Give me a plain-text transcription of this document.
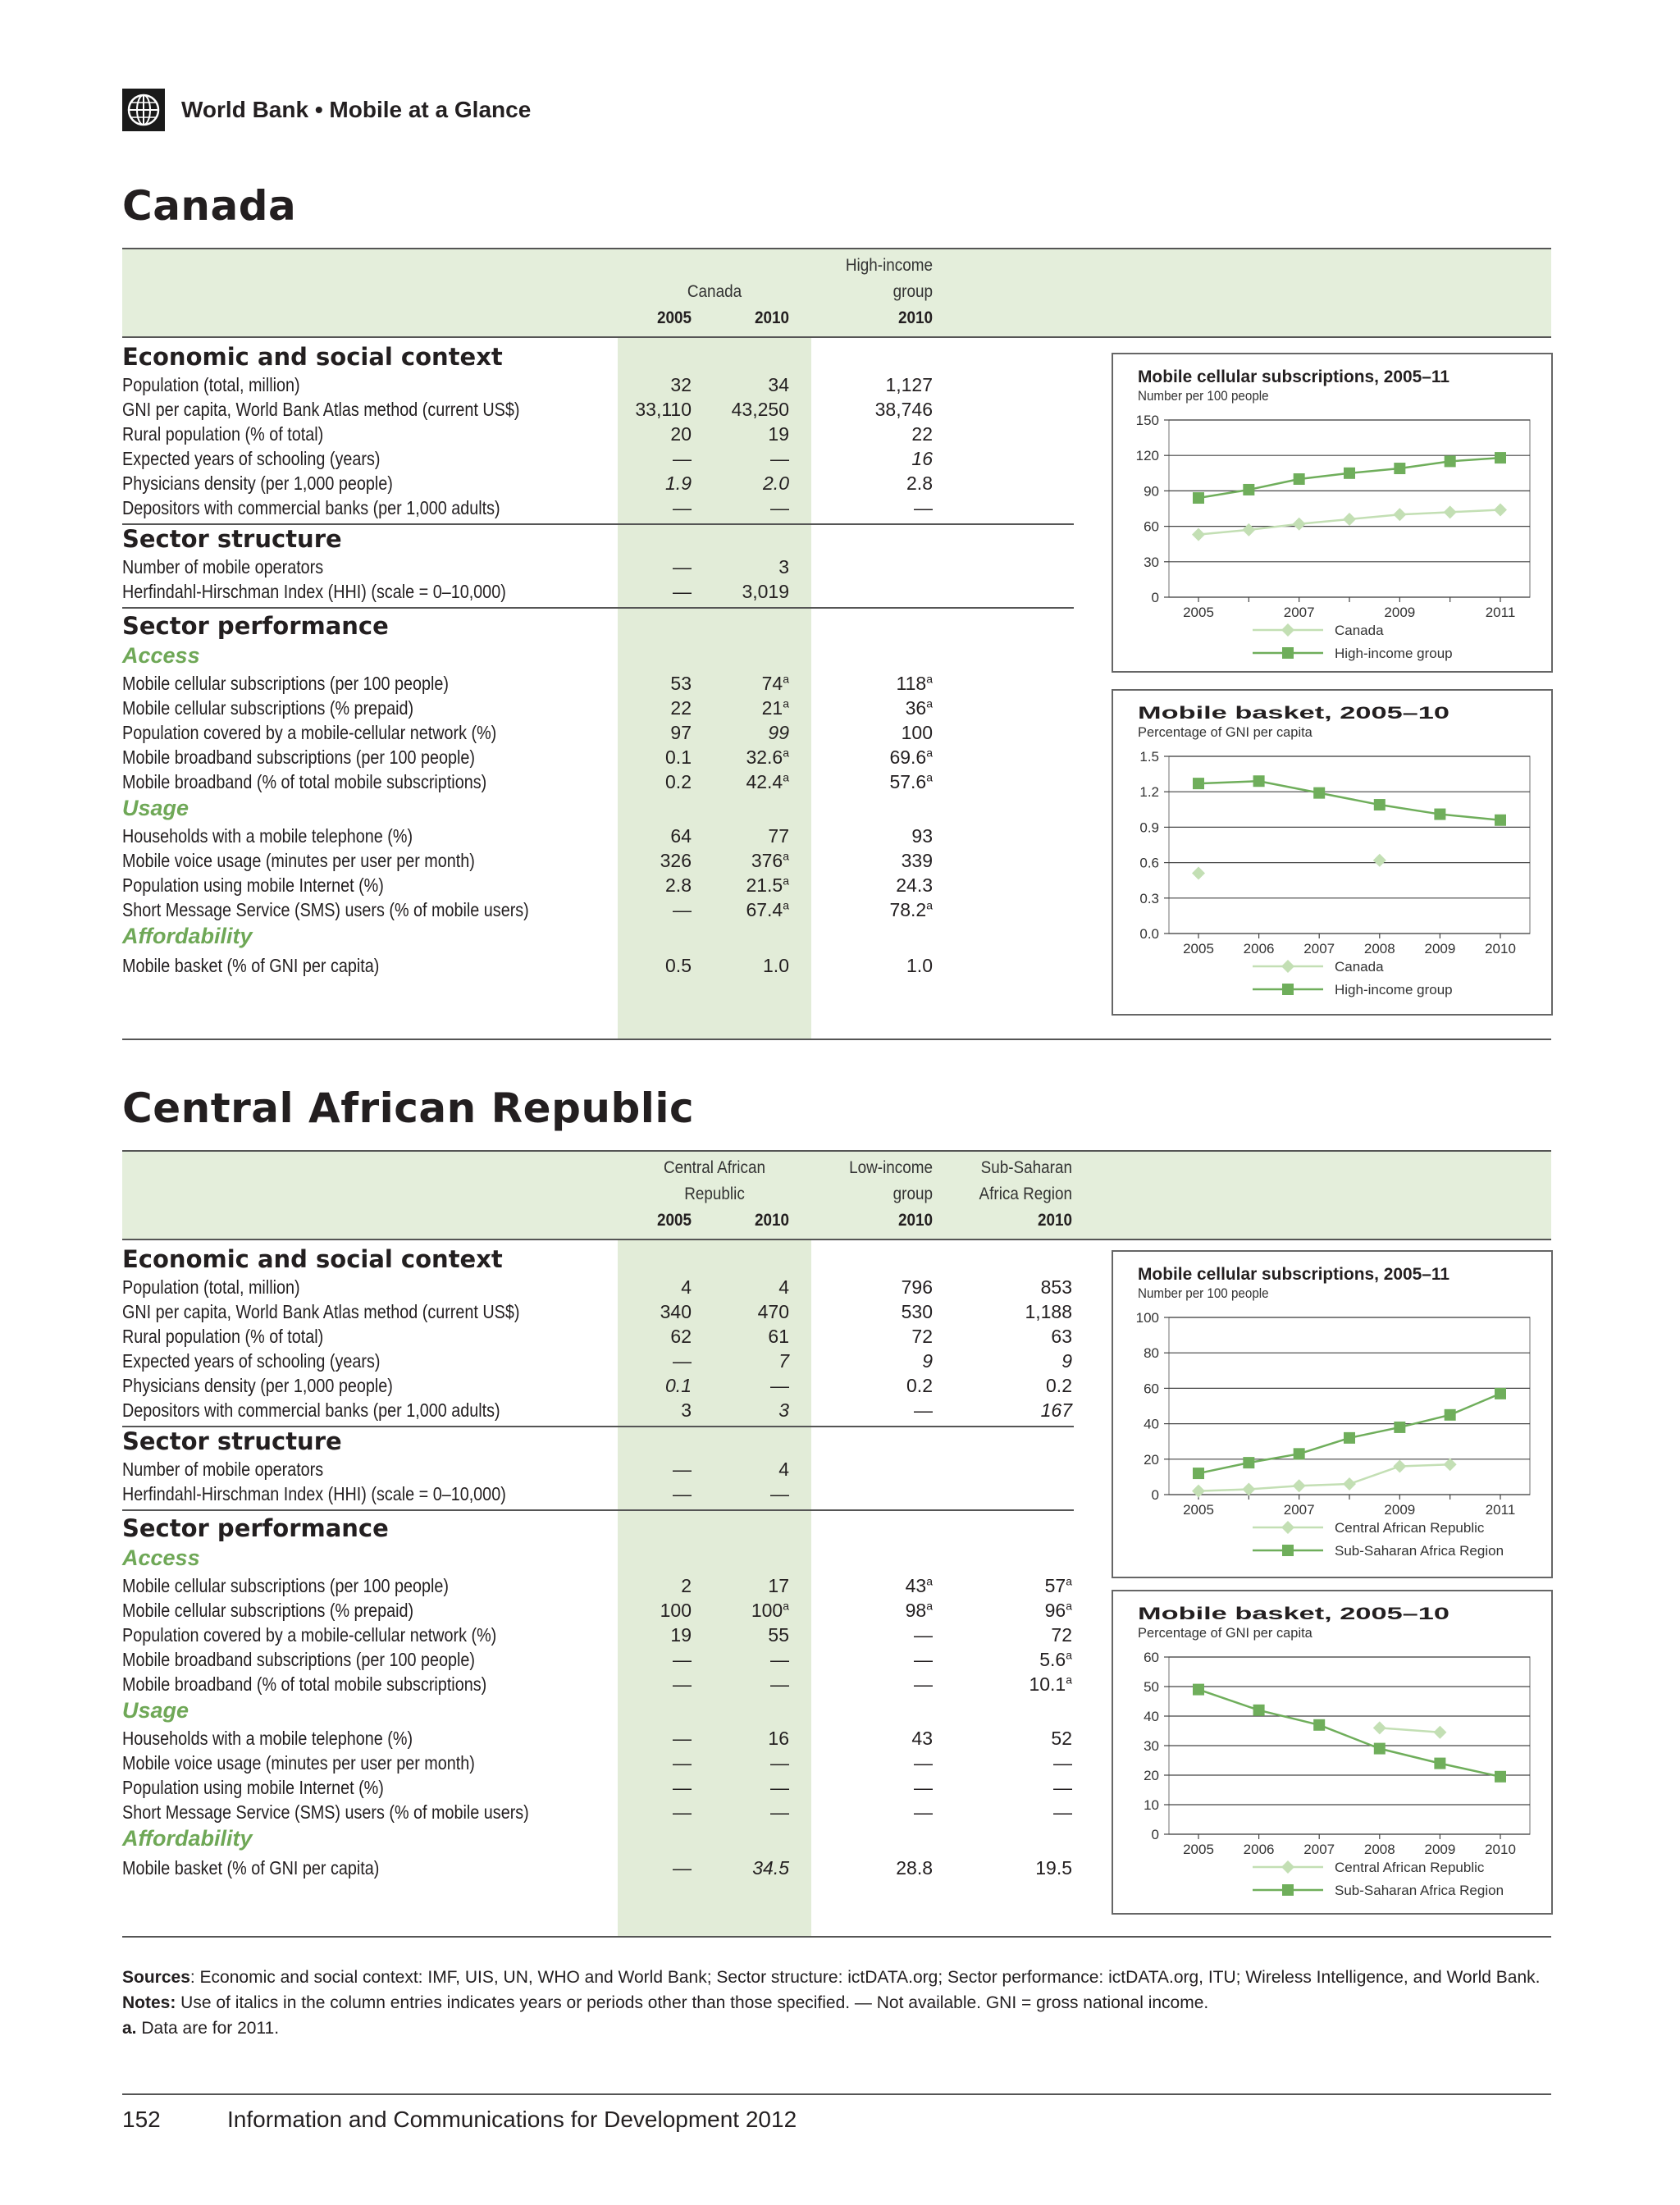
World Bank • Mobile at a Glance
Canada
Central African Republic
Canada
2005	2010
High-income
group
2010
Economic and social context
Population (total, million)	32	34	1,127
GNI per capita, World Bank Atlas method (current US$)	33,110	43,250	38,746
Rural population (% of total)	20	19	22
Expected years of schooling (years)	—	—	16
Physicians density (per 1,000 people)	1.9	2.0	2.8
Depositors with commercial banks (per 1,000 adults)	—	—	—
Sector structure
Number of mobile operators	—	3
Herfindahl-Hirschman Index (HHI) (scale = 0–10,000)	—	3,019
Sector performance
Access
Mobile cellular subscriptions (per 100 people)	53	74$^a$	118$^a$
Mobile cellular subscriptions (% prepaid)	22	21$^a$	36$^a$
Population covered by a mobile-cellular network (%)	97	99	100
Mobile broadband subscriptions (per 100 people)	0.1	32.6$^a$	69.6$^a$
Mobile broadband (% of total mobile subscriptions)	0.2	42.4$^a$	57.6$^a$
Usage
Households with a mobile telephone (%)	64	77	93
Mobile voice usage (minutes per user per month)	326	376$^a$	339
Population using mobile Internet (%)	2.8	21.5$^a$	24.3
Short Message Service (SMS) users (% of mobile users)	—	67.4$^a$	78.2$^a$
Affordability
Mobile basket (% of GNI per capita)	0.5	1.0	1.0
Central African
Republic
2005	2010
Low-income
group
2010
Sub-Saharan
Africa Region
2010
Economic and social context
Population (total, million)	4	4	796	853
GNI per capita, World Bank Atlas method (current US$)	340	470	530	1,188
Rural population (% of total)	62	61	72	63
Expected years of schooling (years)	—	7	9	9
Physicians density (per 1,000 people)	0.1	—	0.2	0.2
Depositors with commercial banks (per 1,000 adults)	3	3	—	167
Sector structure
Number of mobile operators	—	4
Herfindahl-Hirschman Index (HHI) (scale = 0–10,000)	—	—
Sector performance
Access
Mobile cellular subscriptions (per 100 people)	2	17	43$^a$	57$^a$
Mobile cellular subscriptions (% prepaid)	100	100$^a$	98$^a$	96$^a$
Population covered by a mobile-cellular network (%)	19	55	—	72
Mobile broadband subscriptions (per 100 people)	—	—	—	5.6$^a$
Mobile broadband (% of total mobile subscriptions)	—	—	—	10.1$^a$
Usage
Households with a mobile telephone (%)	—	16	43	52
Mobile voice usage (minutes per user per month)	—	—	—	—
Population using mobile Internet (%)	—	—	—	—
Short Message Service (SMS) users (% of mobile users)	—	—	—	—
Affordability
Mobile basket (% of GNI per capita)	—	34.5	28.8	19.5
Mobile cellular subscriptions, 2005–11
Number per 100 people
0
30
60
90
120
150
2005	2007	2009	2011
Canada
High-income group
Mobile basket, 2005–10
Percentage of GNI per capita
0.0
0.3
0.6
0.9
1.2
1.5
2005 2006 2007 2008 2009 2010
Canada
High-income group
Mobile cellular subscriptions, 2005–11
Number per 100 people
0
20
40
60
80
100
2005	2007	2009	2011
Central African Republic
Sub-Saharan Africa Region
Mobile basket, 2005–10
Percentage of GNI per capita
0
10
20
30
40
50
60
2005 2006 2007 2008 2009 2010
Central African Republic
Sub-Saharan Africa Region
Sources: Economic and social context: IMF, UIS, UN, WHO and World Bank; Sector structure: ictDATA.org; Sector performance: ictDATA.org, ITU; Wireless Intelligence, and World Bank.
Notes: Use of italics in the column entries indicates years or periods other than those specified. — Not available. GNI = gross national income.
a. Data are for 2011.
152	Information and Communications for Development 2012
